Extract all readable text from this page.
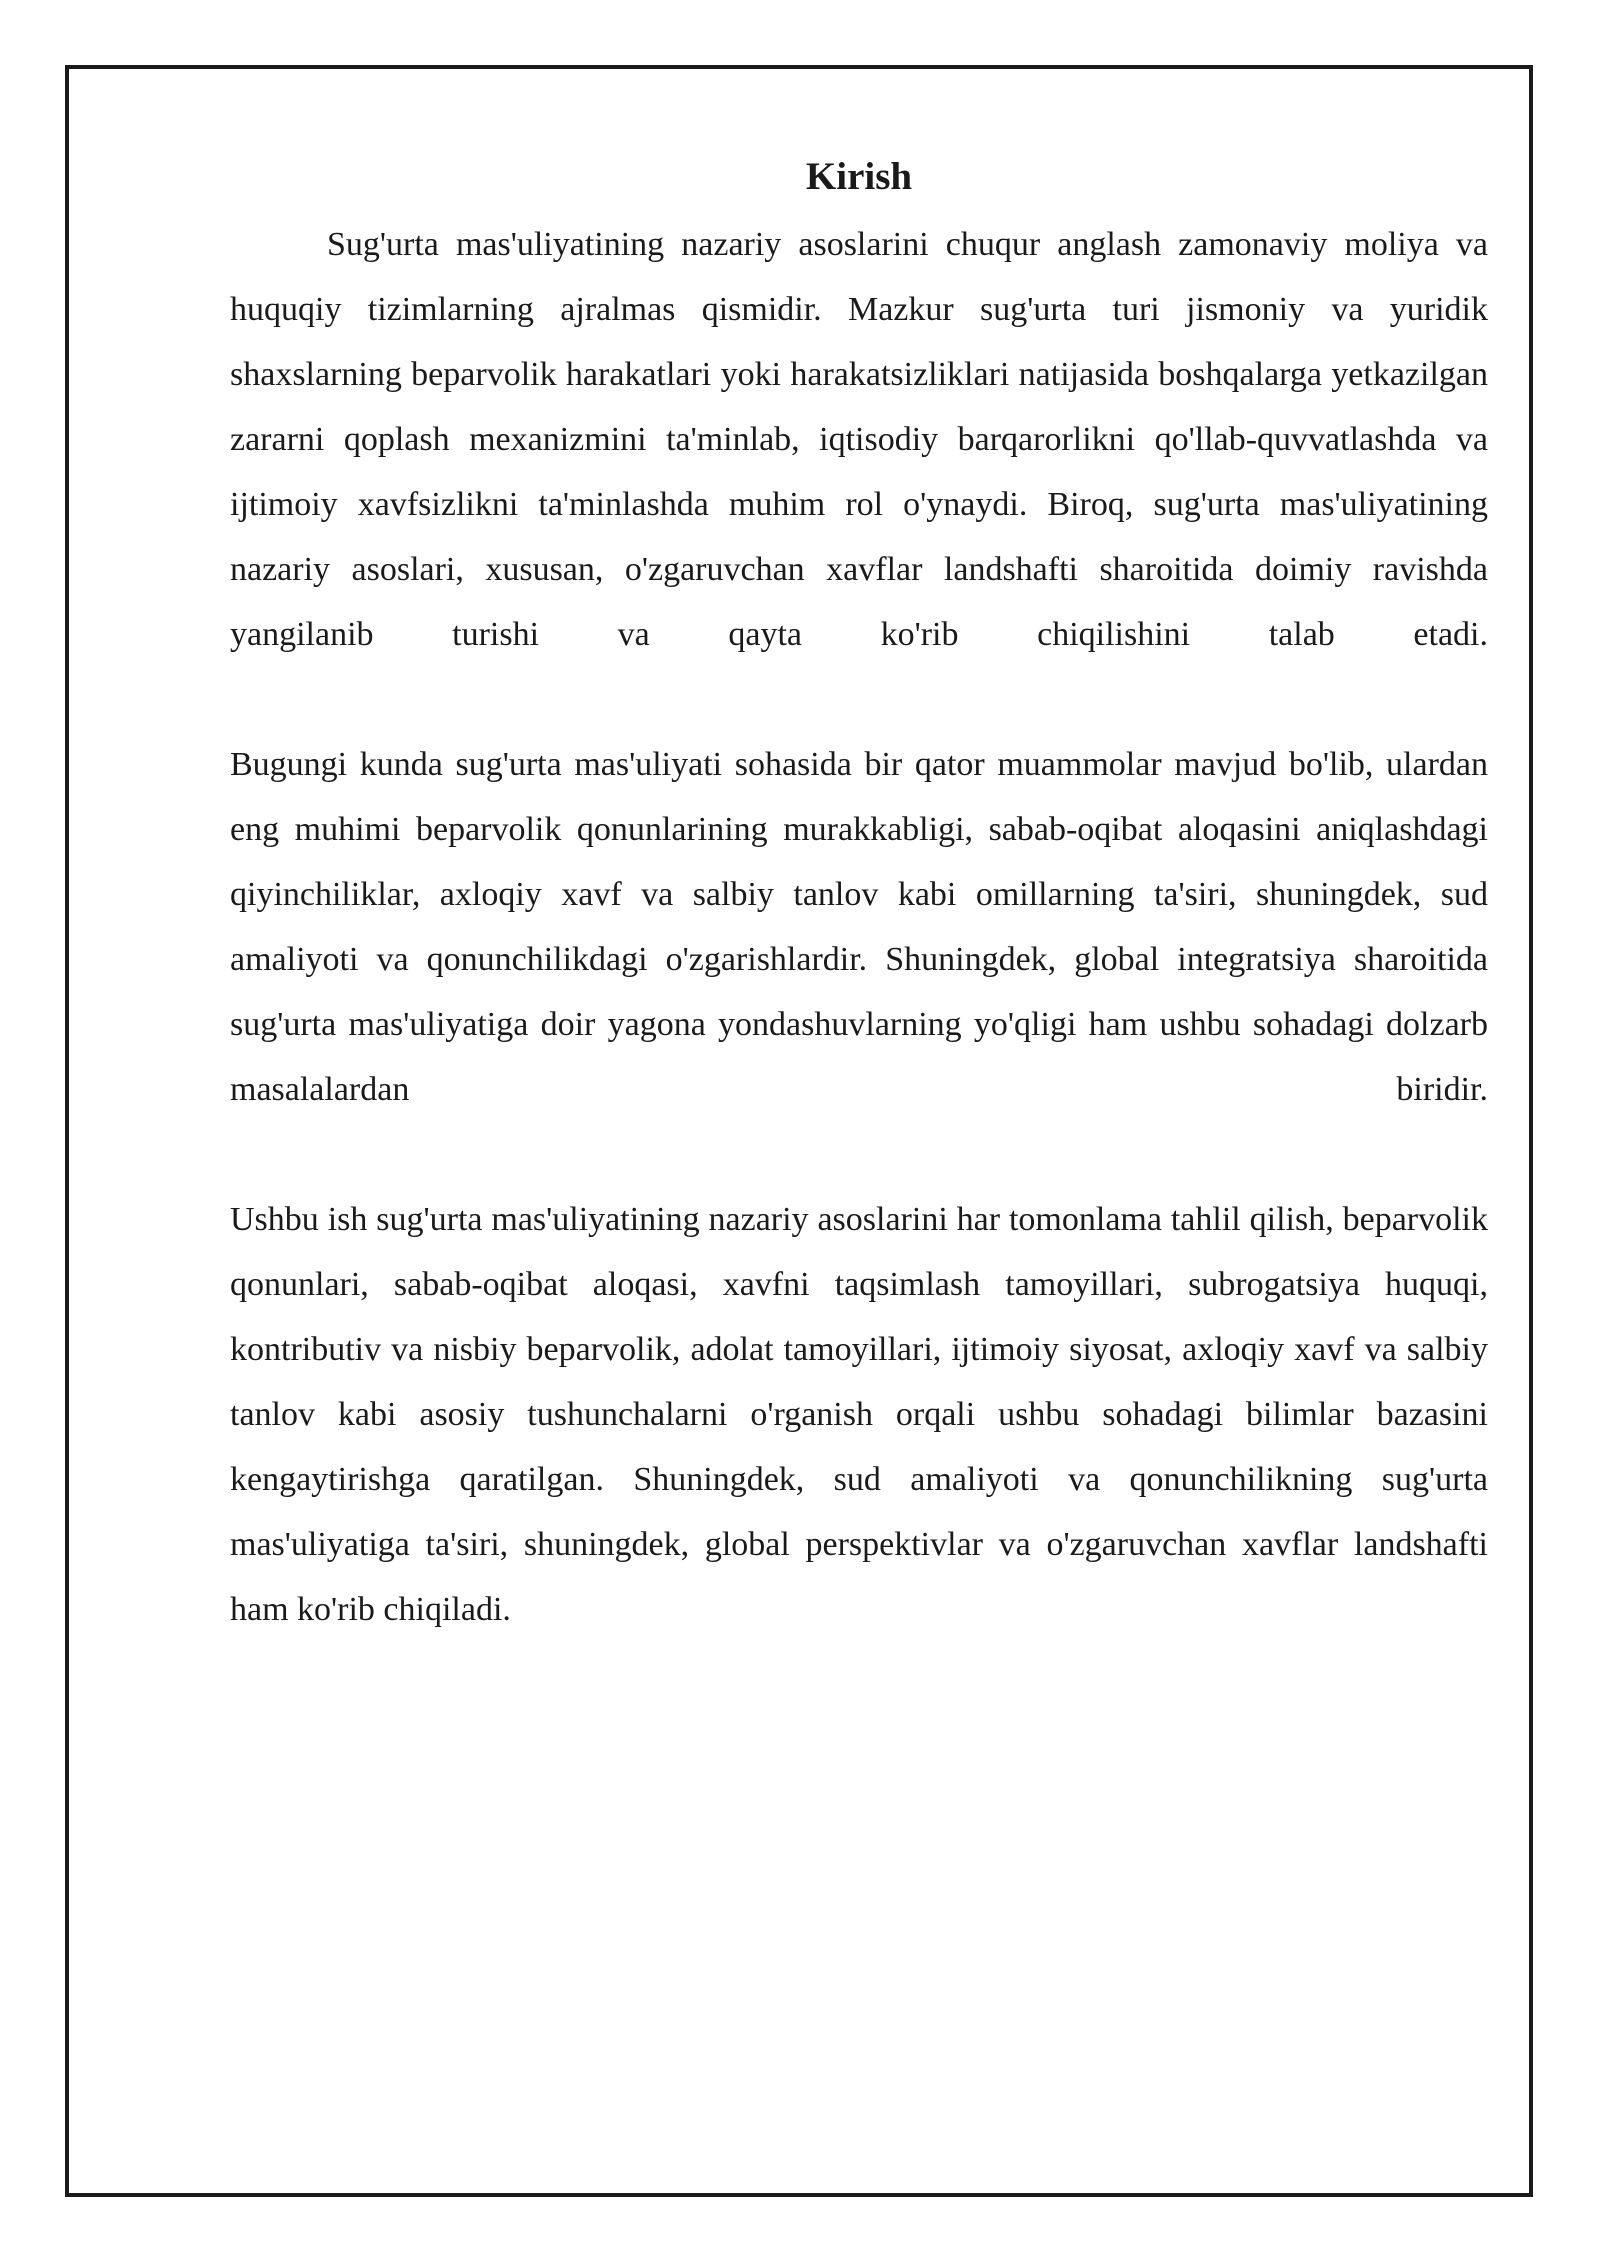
Kirish

Sug'urta mas'uliyatining nazariy asoslarini chuqur anglash zamonaviy moliya va huquqiy tizimlarning ajralmas qismidir. Mazkur sug'urta turi jismoniy va yuridik shaxslarning beparvolik harakatlari yoki harakatsizliklari natijasida boshqalarga yetkazilgan zararni qoplash mexanizmini ta'minlab, iqtisodiy barqarorlikni qo'llab-quvvatlashda va ijtimoiy xavfsizlikni ta'minlashda muhim rol o'ynaydi. Biroq, sug'urta mas'uliyatining nazariy asoslari, xususan, o'zgaruvchan xavflar landshafti sharoitida doimiy ravishda yangilanib turishi va qayta ko'rib chiqilishini talab etadi.

Bugungi kunda sug'urta mas'uliyati sohasida bir qator muammolar mavjud bo'lib, ulardan eng muhimi beparvolik qonunlarining murakkabligi, sabab-oqibat aloqasini aniqlashdagi qiyinchiliklar, axloqiy xavf va salbiy tanlov kabi omillarning ta'siri, shuningdek, sud amaliyoti va qonunchilikdagi o'zgarishlardir. Shuningdek, global integratsiya sharoitida sug'urta mas'uliyatiga doir yagona yondashuvlarning yo'qligi ham ushbu sohadagi dolzarb masalalardan biridir.

Ushbu ish sug'urta mas'uliyatining nazariy asoslarini har tomonlama tahlil qilish, beparvolik qonunlari, sabab-oqibat aloqasi, xavfni taqsimlash tamoyillari, subrogatsiya huquqi, kontributiv va nisbiy beparvolik, adolat tamoyillari, ijtimoiy siyosat, axloqiy xavf va salbiy tanlov kabi asosiy tushunchalarni o'rganish orqali ushbu sohadagi bilimlar bazasini kengaytirishga qaratilgan. Shuningdek, sud amaliyoti va qonunchilikning sug'urta mas'uliyatiga ta'siri, shuningdek, global perspektivlar va o'zgaruvchan xavflar landshafti ham ko'rib chiqiladi.
